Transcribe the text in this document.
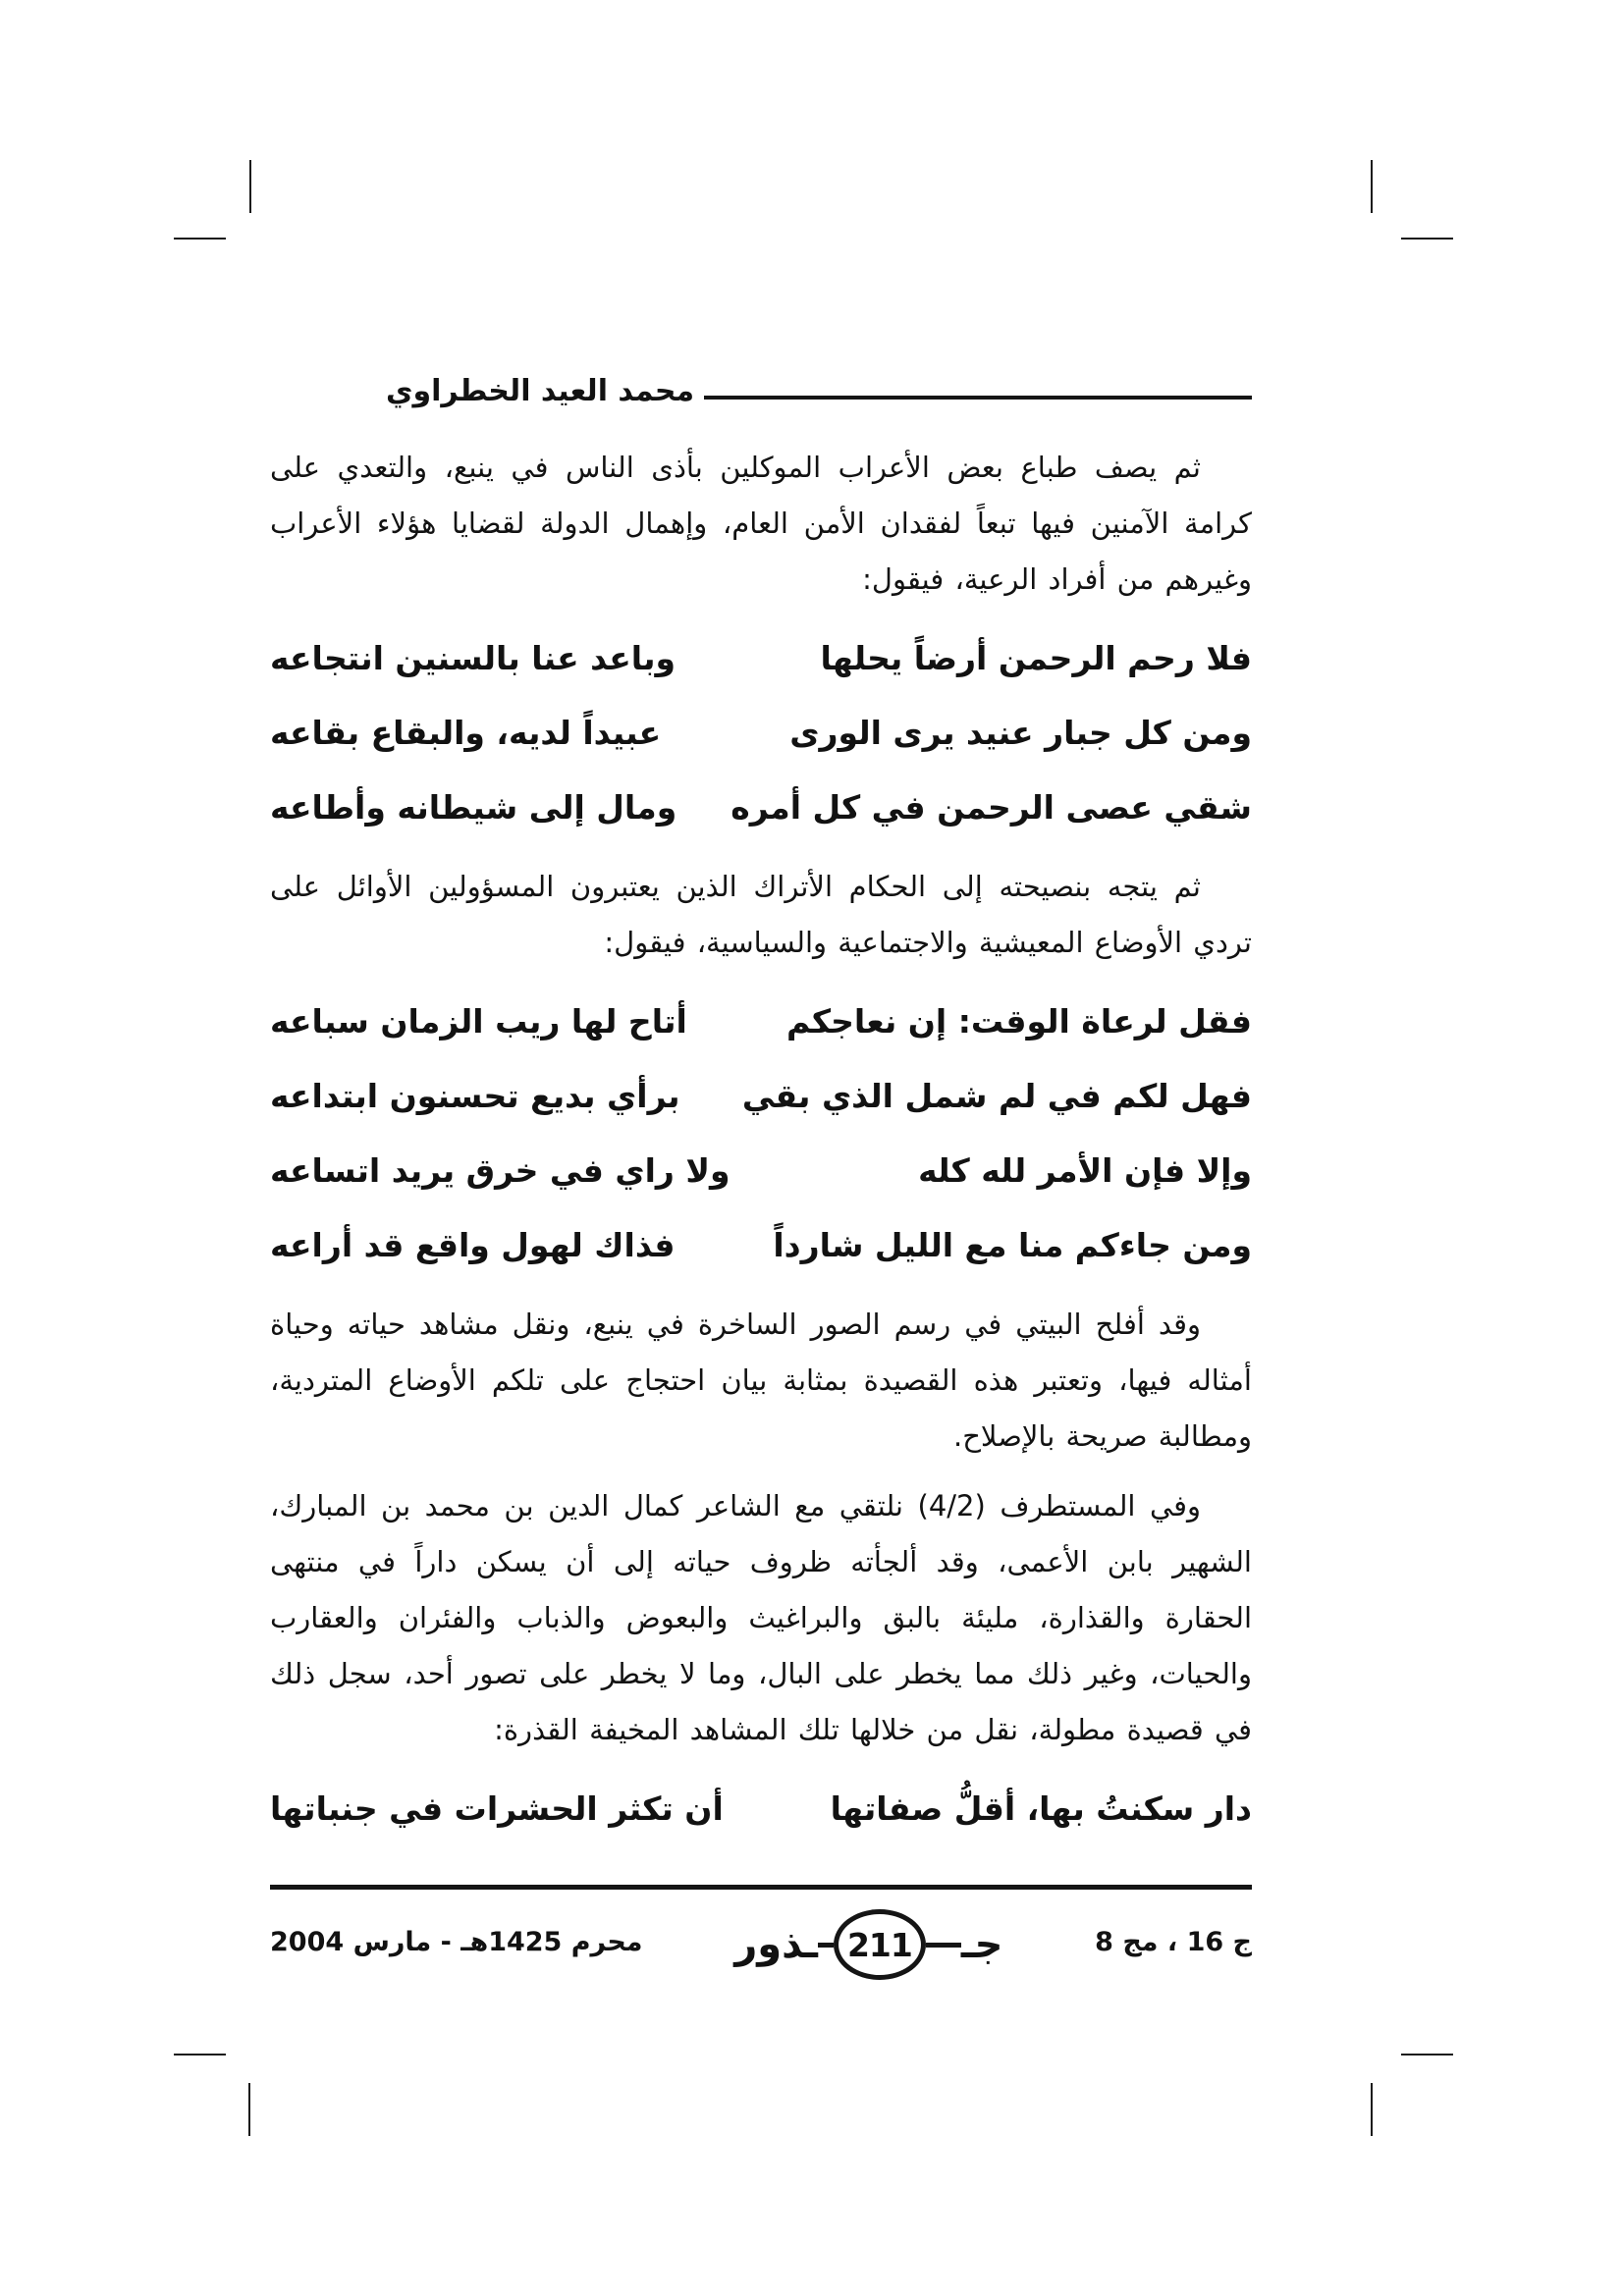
محمد العيد الخطراوي

ثم يصف طباع بعض الأعراب الموكلين بأذى الناس في ينبع، والتعدي على كرامة الآمنين فيها تبعاً لفقدان الأمن العام، وإهمال الدولة لقضايا هؤلاء الأعراب وغيرهم من أفراد الرعية، فيقول:

فلا رحم الرحمن أرضاً يحلها
وباعد عنا بالسنين انتجاعه
ومن كل جبار عنيد يرى الورى
عبيداً لديه، والبقاع بقاعه
شقي عصى الرحمن في كل أمره
ومال إلى شيطانه وأطاعه

ثم يتجه بنصيحته إلى الحكام الأتراك الذين يعتبرون المسؤولين الأوائل على تردي الأوضاع المعيشية والاجتماعية والسياسية، فيقول:

فقل لرعاة الوقت: إن نعاجكم
أتاح لها ريب الزمان سباعه
فهل لكم في لم شمل الذي بقي
برأي بديع تحسنون ابتداعه
وإلا فإن الأمر لله كله
ولا راي في خرق يريد اتساعه
ومن جاءكم منا مع الليل شارداً
فذاك لهول واقع قد أراعه

وقد أفلح البيتي في رسم الصور الساخرة في ينبع، ونقل مشاهد حياته وحياة أمثاله فيها، وتعتبر هذه القصيدة بمثابة بيان احتجاج على تلكم الأوضاع المتردية، ومطالبة صريحة بالإصلاح.

وفي المستطرف (4/2) نلتقي مع الشاعر كمال الدين بن محمد بن المبارك، الشهير بابن الأعمى، وقد ألجأته ظروف حياته إلى أن يسكن داراً في منتهى الحقارة والقذارة، مليئة بالبق والبراغيث والبعوض والذباب والفئران والعقارب والحيات، وغير ذلك مما يخطر على البال، وما لا يخطر على تصور أحد، سجل ذلك في قصيدة مطولة، نقل من خلالها تلك المشاهد المخيفة القذرة:

دار سكنتُ بها، أقلُّ صفاتها
أن تكثر الحشرات في جنباتها
ج 16 ، مج 8
جـ
211
ـذور
محرم 1425هـ - مارس 2004
